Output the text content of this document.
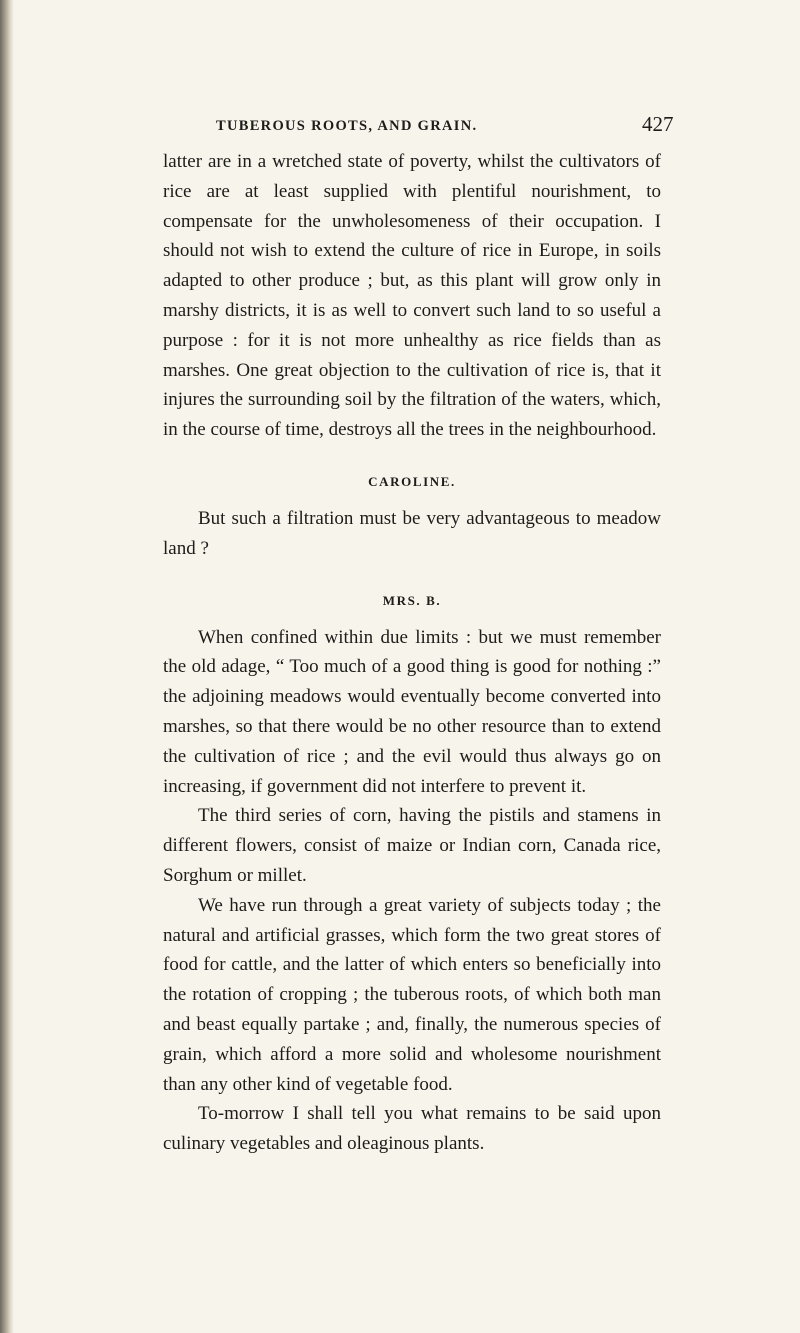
TUBEROUS ROOTS, AND GRAIN.	427

latter are in a wretched state of poverty, whilst the cultivators of rice are at least supplied with plentiful nourishment, to compensate for the unwholesomeness of their occupation. I should not wish to extend the culture of rice in Europe, in soils adapted to other produce ; but, as this plant will grow only in marshy districts, it is as well to convert such land to so useful a purpose : for it is not more unhealthy as rice fields than as marshes. One great objection to the cultivation of rice is, that it injures the surrounding soil by the filtration of the waters, which, in the course of time, destroys all the trees in the neighbourhood.

CAROLINE.

But such a filtration must be very advantageous to meadow land ?

MRS. B.

When confined within due limits : but we must remember the old adage, “ Too much of a good thing is good for nothing :” the adjoining meadows would eventually become converted into marshes, so that there would be no other resource than to extend the cultivation of rice ; and the evil would thus always go on increasing, if government did not interfere to prevent it.

The third series of corn, having the pistils and stamens in different flowers, consist of maize or Indian corn, Canada rice, Sorghum or millet.

We have run through a great variety of subjects today ; the natural and artificial grasses, which form the two great stores of food for cattle, and the latter of which enters so beneficially into the rotation of cropping ; the tuberous roots, of which both man and beast equally partake ; and, finally, the numerous species of grain, which afford a more solid and wholesome nourishment than any other kind of vegetable food.

To-morrow I shall tell you what remains to be said upon culinary vegetables and oleaginous plants.
